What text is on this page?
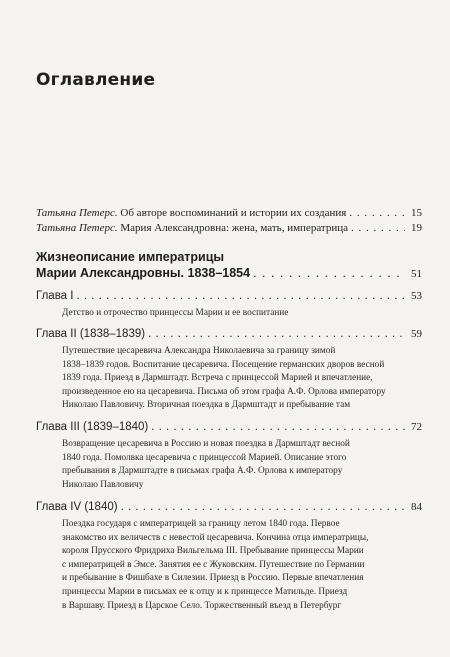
Оглавление
Татьяна Петерс. Об авторе воспоминаний и истории их создания . . .	15
Татьяна Петерс. Мария Александровна: жена, мать, императрица . . .	19
Жизнеописание императрицы
Марии Александровны. 1838–1854 . . .	51
Глава I . . .	53
Детство и отрочество принцессы Марии и ее воспитание
Глава II (1838–1839) . . .	59
Путешествие цесаревича Александра Николаевича за границу зимой
1838–1839 годов. Воспитание цесаревича. Посещение германских дворов весной
1839 года. Приезд в Дармштадт. Встреча с принцессой Марией и впечатление,
произведенное ею на цесаревича. Письма об этом графа А.Ф. Орлова императору
Николаю Павловичу. Вторичная поездка в Дармштадт и пребывание там
Глава III (1839–1840) . . .	72
Возвращение цесаревича в Россию и новая поездка в Дармштадт весной
1840 года. Помолвка цесаревича с принцессой Марией. Описание этого
пребывания в Дармштадте в письмах графа А.Ф. Орлова к императору
Николаю Павловичу
Глава IV (1840) . . .	84
Поездка государя с императрицей за границу летом 1840 года. Первое
знакомство их величеств с невестой цесаревича. Кончина отца императрицы,
короля Прусского Фридриха Вильгельма III. Пребывание принцессы Марии
с императрицей в Эмсе. Занятия ее с Жуковским. Путешествие по Германии
и пребывание в Фишбахе в Силезии. Приезд в Россию. Первые впечатления
принцессы Марии в письмах ее к отцу и к принцессе Матильде. Приезд
в Варшаву. Приезд в Царское Село. Торжественный въезд в Петербург
